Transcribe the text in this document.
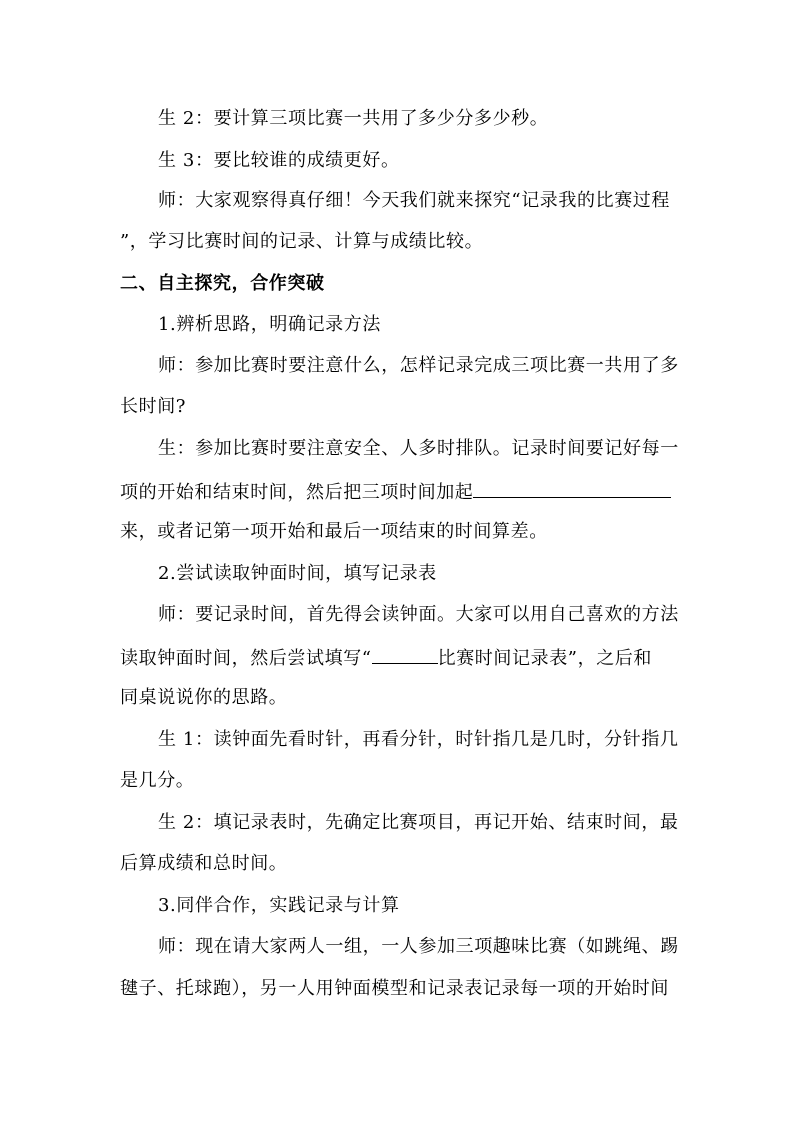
生 2：要计算三项比赛一共用了多少分多少秒。
生 3：要比较谁的成绩更好。
师：大家观察得真仔细！今天我们就来探究“记录我的比赛过程
”，学习比赛时间的记录、计算与成绩比较。
二、自主探究，合作突破
1.辨析思路，明确记录方法
师：参加比赛时要注意什么，怎样记录完成三项比赛一共用了多
长时间?
生：参加比赛时要注意安全、人多时排队。记录时间要记好每一
项的开始和结束时间，然后把三项时间加起
来，或者记第一项开始和最后一项结束的时间算差。
2.尝试读取钟面时间，填写记录表
师：要记录时间，首先得会读钟面。大家可以用自己喜欢的方法
读取钟面时间，然后尝试填写“	比赛时间记录表”，之后和
同桌说说你的思路。
生 1：读钟面先看时针，再看分针，时针指几是几时，分针指几
是几分。
生 2：填记录表时，先确定比赛项目，再记开始、结束时间，最
后算成绩和总时间。
3.同伴合作，实践记录与计算
师：现在请大家两人一组，一人参加三项趣味比赛（如跳绳、踢
毽子、托球跑），另一人用钟面模型和记录表记录每一项的开始时间
